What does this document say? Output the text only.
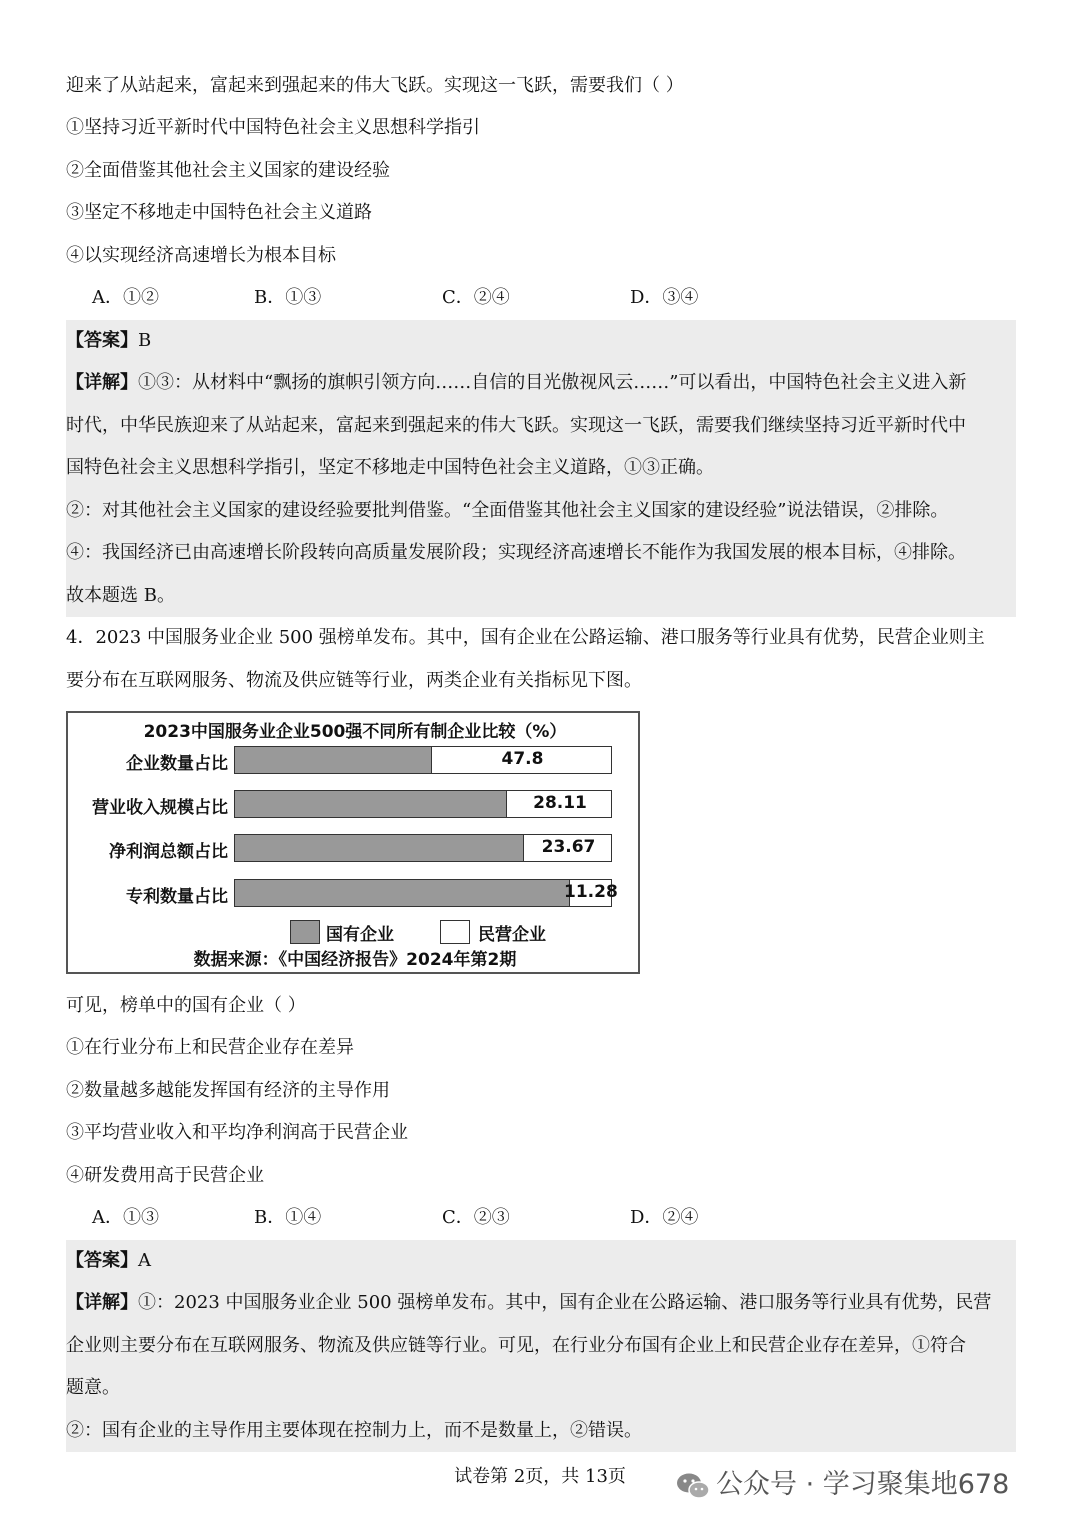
迎来了从站起来，富起来到强起来的伟大飞跃。实现这一飞跃，需要我们（ ）
①坚持习近平新时代中国特色社会主义思想科学指引
②全面借鉴其他社会主义国家的建设经验
③坚定不移地走中国特色社会主义道路
④以实现经济高速增长为根本目标
A．①②	B．①③	C．②④	D．③④
【答案】B
【详解】①③：从材料中“飘扬的旗帜引领方向……自信的目光傲视风云……”可以看出，中国特色社会主义进入新
时代，中华民族迎来了从站起来，富起来到强起来的伟大飞跃。实现这一飞跃，需要我们继续坚持习近平新时代中
国特色社会主义思想科学指引，坚定不移地走中国特色社会主义道路，①③正确。
②：对其他社会主义国家的建设经验要批判借鉴。“全面借鉴其他社会主义国家的建设经验”说法错误，②排除。
④：我国经济已由高速增长阶段转向高质量发展阶段；实现经济高速增长不能作为我国发展的根本目标，④排除。
故本题选 B。
4．2023 中国服务业企业 500 强榜单发布。其中，国有企业在公路运输、港口服务等行业具有优势，民营企业则主
要分布在互联网服务、物流及供应链等行业，两类企业有关指标见下图。
2023中国服务业企业500强不同所有制企业比较（%）
企业数量占比	47.8
营业收入规模占比	28.11
净利润总额占比	23.67
专利数量占比	11.28
国有企业	民营企业
数据来源：《中国经济报告》2024年第2期
可见，榜单中的国有企业（ ）
①在行业分布上和民营企业存在差异
②数量越多越能发挥国有经济的主导作用
③平均营业收入和平均净利润高于民营企业
④研发费用高于民营企业
A．①③	B．①④	C．②③	D．②④
【答案】A
【详解】①：2023 中国服务业企业 500 强榜单发布。其中，国有企业在公路运输、港口服务等行业具有优势，民营
企业则主要分布在互联网服务、物流及供应链等行业。可见，在行业分布国有企业上和民营企业存在差异，①符合
题意。
②：国有企业的主导作用主要体现在控制力上，而不是数量上，②错误。
试卷第 2页，共 13页	公众号 · 学习聚集地678
